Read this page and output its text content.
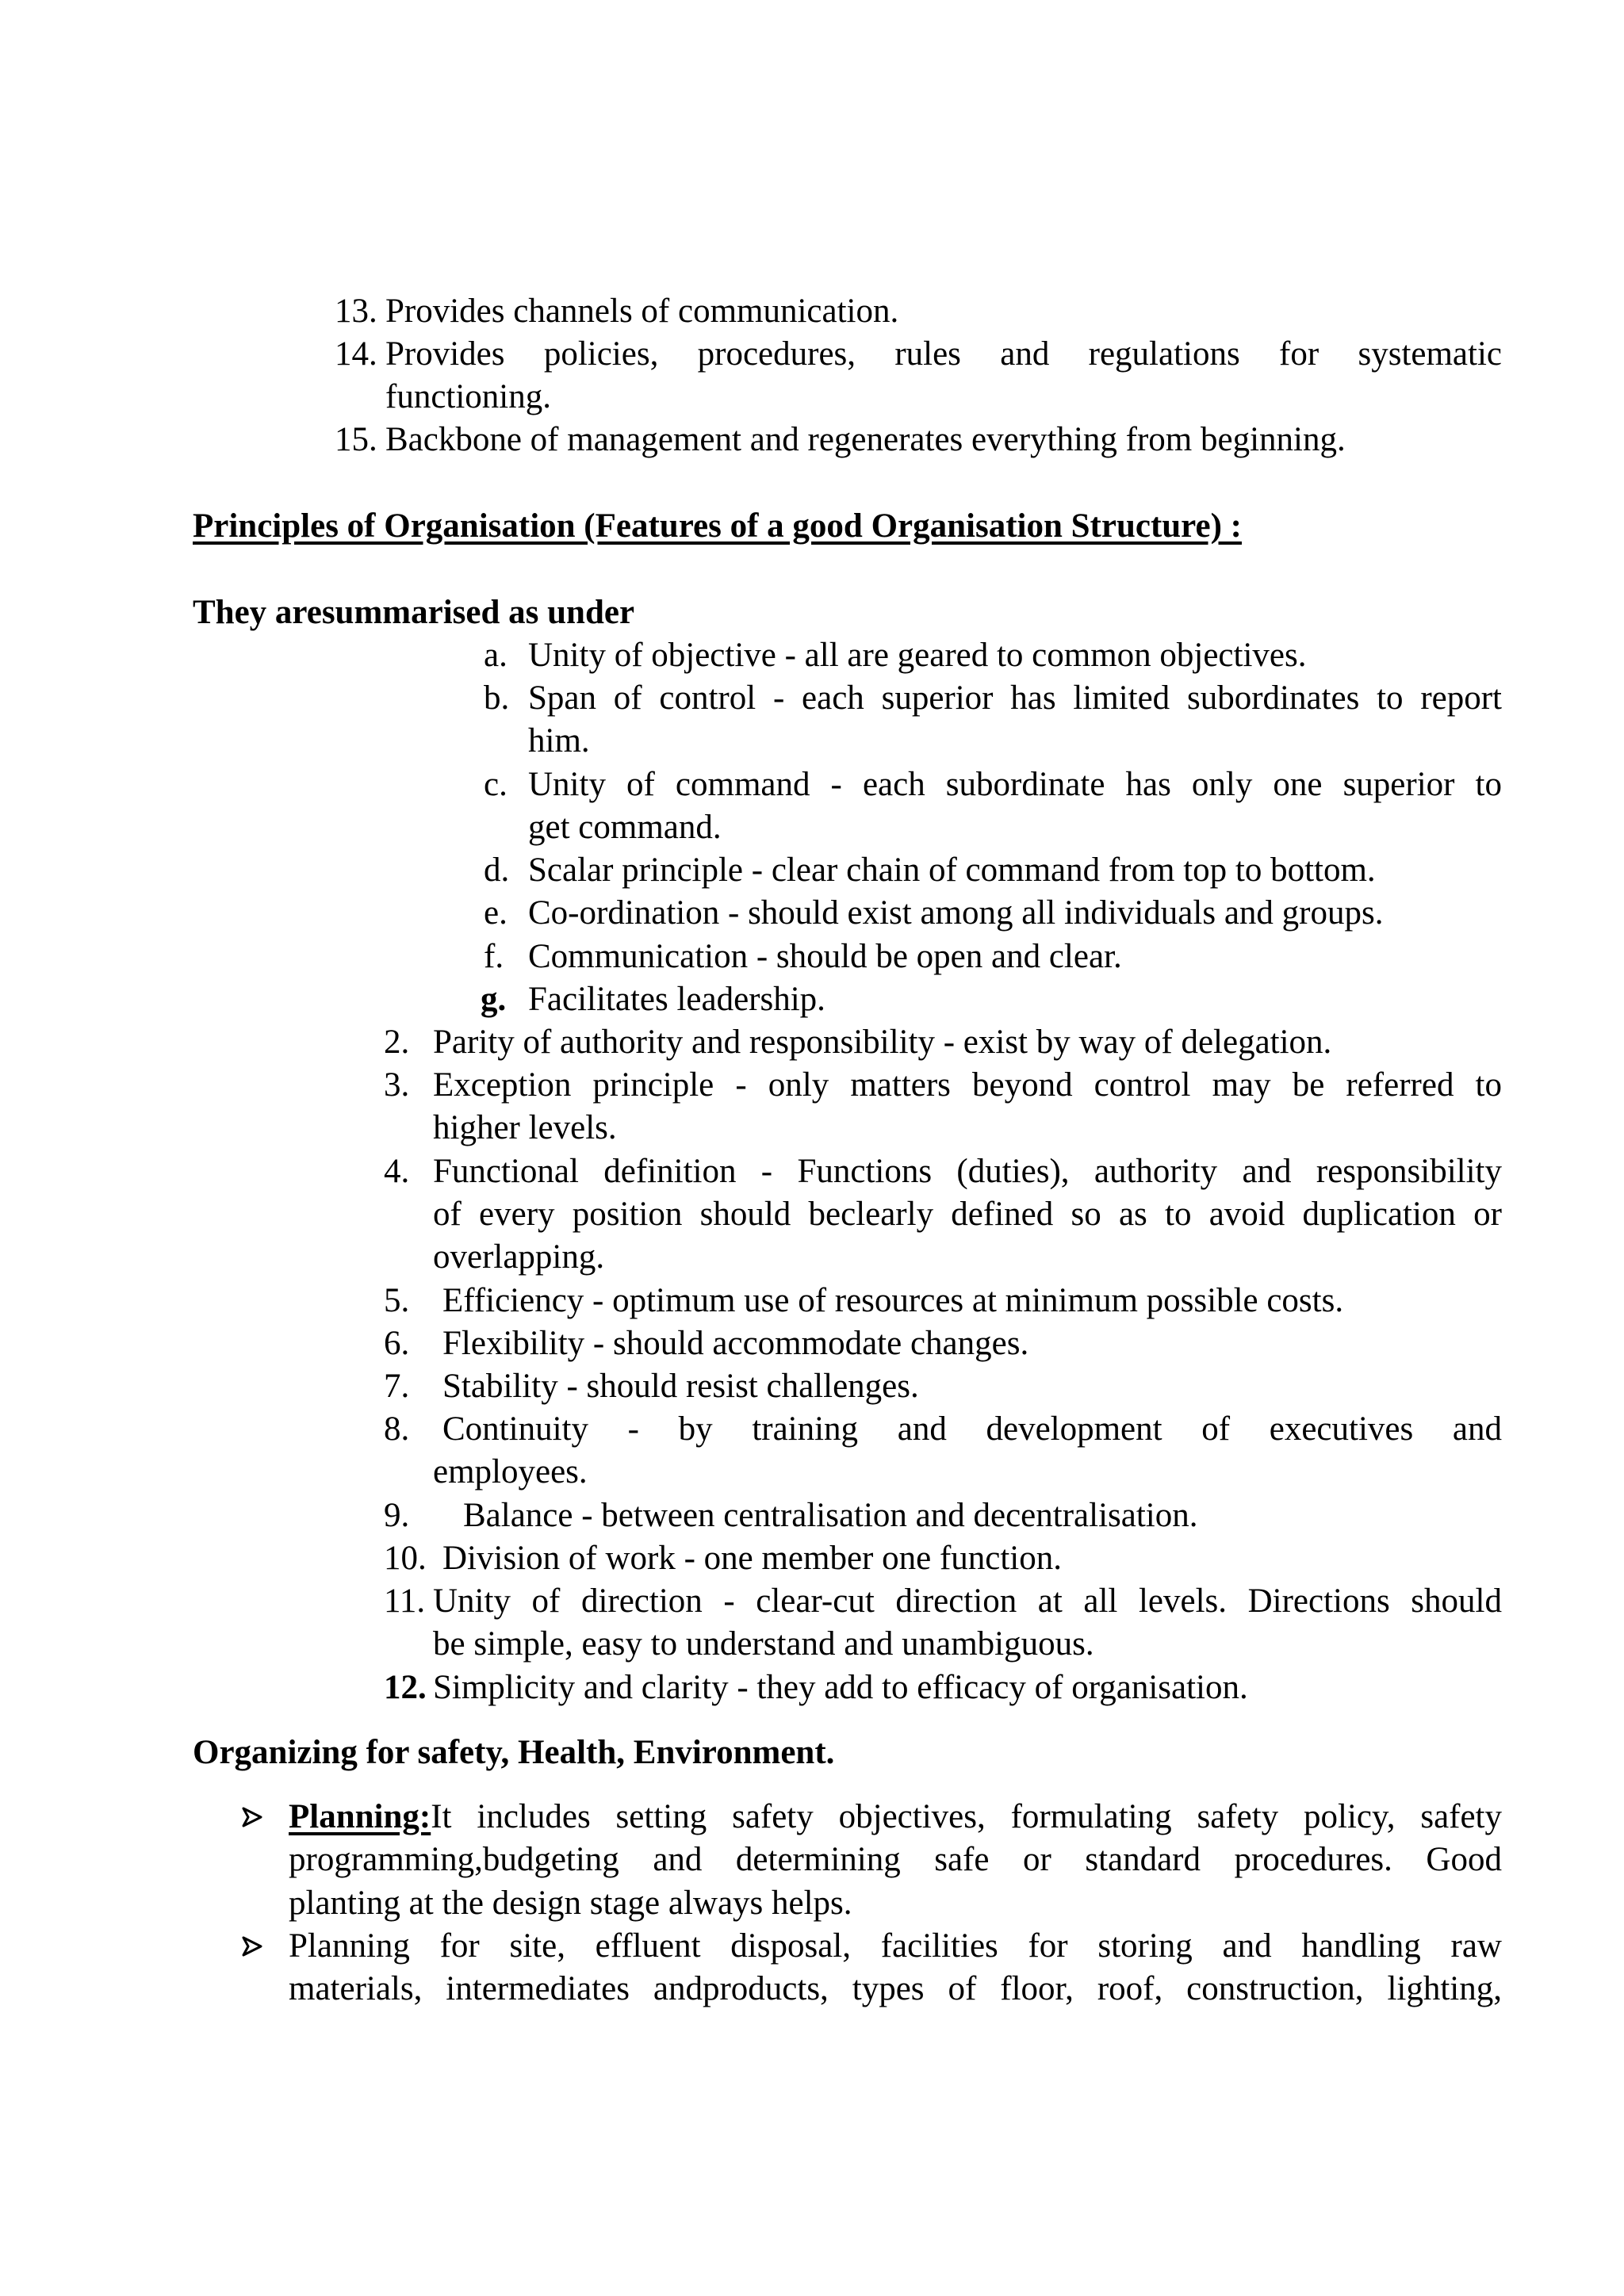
13. Provides channels of communication.
14. Provides policies, procedures, rules and regulations for systematic
functioning.
15. Backbone of management and regenerates everything from beginning.
Principles of Organisation (Features of a good Organisation Structure) :
They aresummarised as under
a. Unity of objective - all are geared to common objectives.
b. Span of control - each superior has limited subordinates to report
him.
c. Unity of command - each subordinate has only one superior to
get command.
d. Scalar principle - clear chain of command from top to bottom.
e. Co-ordination - should exist among all individuals and groups.
f. Communication - should be open and clear.
g. Facilitates leadership.
2. Parity of authority and responsibility - exist by way of delegation.
3. Exception principle - only matters beyond control may be referred to
higher levels.
4. Functional definition - Functions (duties), authority and responsibility
of every position should beclearly defined so as to avoid duplication or
overlapping.
5. Efficiency - optimum use of resources at minimum possible costs.
6. Flexibility - should accommodate changes.
7. Stability - should resist challenges.
8. Continuity - by training and development of executives and
employees.
9. Balance - between centralisation and decentralisation.
10. Division of work - one member one function.
11. Unity of direction - clear-cut direction at all levels. Directions should
be simple, easy to understand and unambiguous.
12. Simplicity and clarity - they add to efficacy of organisation.
Organizing for safety, Health, Environment.
Planning:It includes setting safety objectives, formulating safety policy, safety
programming,budgeting and determining safe or standard procedures. Good
planting at the design stage always helps.
Planning for site, effluent disposal, facilities for storing and handling raw
materials, intermediates andproducts, types of floor, roof, construction, lighting,
